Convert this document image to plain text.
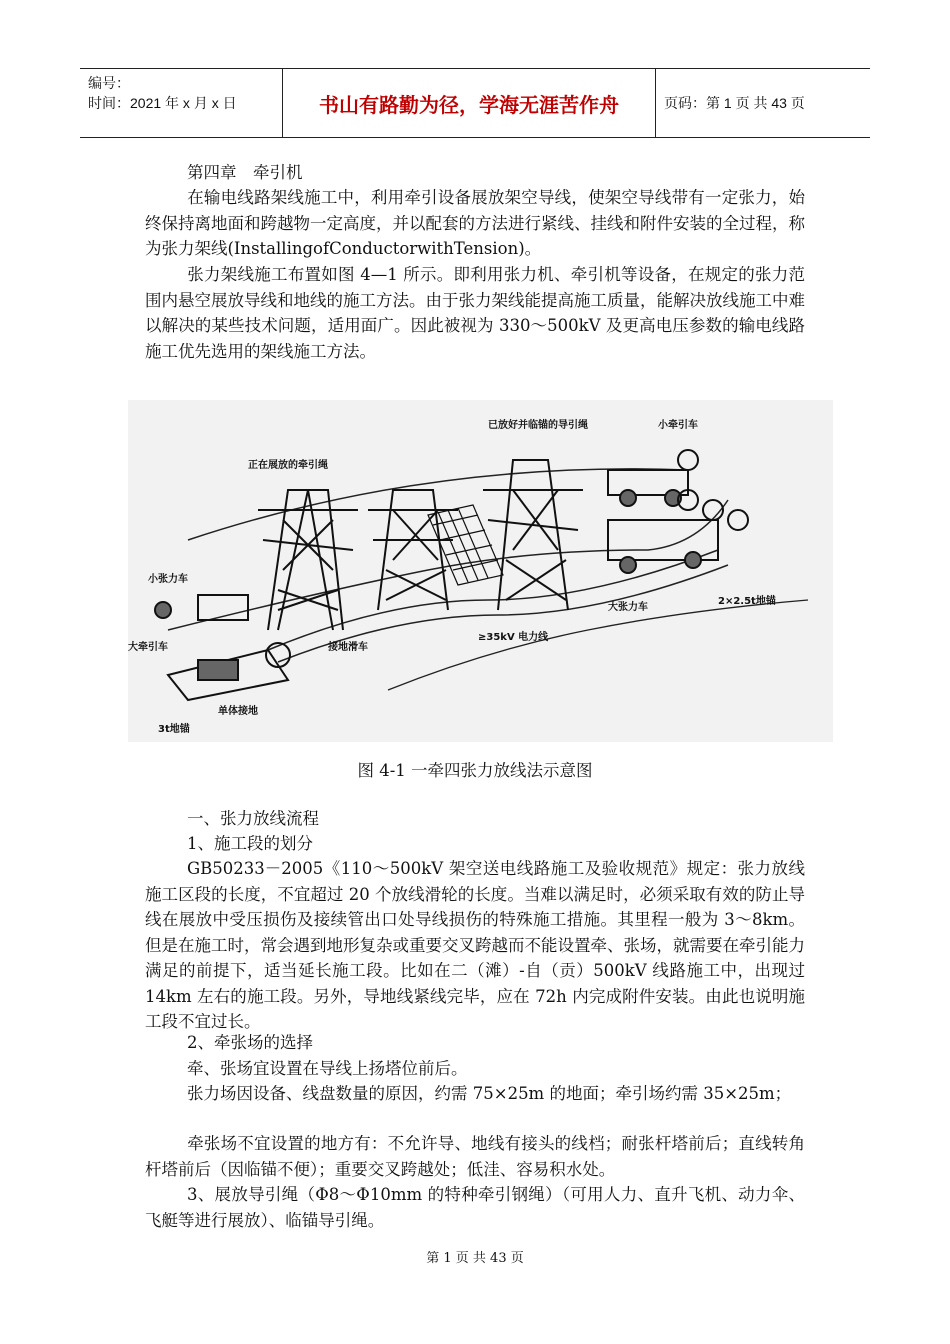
编号：
时间：2021 年 x 月 x 日	书山有路勤为径，学海无涯苦作舟	页码：第 1 页 共 43 页
第四章　牵引机
在输电线路架线施工中，利用牵引设备展放架空导线，使架空导线带有一定张力，始终保持离地面和跨越物一定高度，并以配套的方法进行紧线、挂线和附件安装的全过程，称为张力架线(InstallingofConductorwithTension)。
张力架线施工布置如图 4—1 所示。即利用张力机、牵引机等设备，在规定的张力范围内悬空展放导线和地线的施工方法。由于张力架线能提高施工质量，能解决放线施工中难以解决的某些技术问题，适用面广。因此被视为 330～500kV 及更高电压参数的输电线路施工优先选用的架线施工方法。
已放好并临锚的导引绳	小牵引车
正在展放的牵引绳
小张力车
大牵引车	接地滑车
≥35kV 电力线
大张力车
2×2.5t地锚
单体接地
3t地锚
图 4-1 一牵四张力放线法示意图
一、张力放线流程
1、施工段的划分
GB50233－2005《110～500kV 架空送电线路施工及验收规范》规定：张力放线施工区段的长度，不宜超过 20 个放线滑轮的长度。当难以满足时，必须采取有效的防止导线在展放中受压损伤及接续管出口处导线损伤的特殊施工措施。其里程一般为 3～8km。但是在施工时，常会遇到地形复杂或重要交叉跨越而不能设置牵、张场，就需要在牵引能力满足的前提下，适当延长施工段。比如在二（滩）-自（贡）500kV 线路施工中，出现过 14km 左右的施工段。另外，导地线紧线完毕，应在 72h 内完成附件安装。由此也说明施工段不宜过长。
2、牵张场的选择
牵、张场宜设置在导线上扬塔位前后。
张力场因设备、线盘数量的原因，约需 75×25m 的地面；牵引场约需 35×25m；
牵张场不宜设置的地方有：不允许导、地线有接头的线档；耐张杆塔前后；直线转角杆塔前后（因临锚不便）；重要交叉跨越处；低洼、容易积水处。
3、展放导引绳（Φ8～Φ10mm 的特种牵引钢绳）（可用人力、直升飞机、动力伞、飞艇等进行展放）、临锚导引绳。
第 1 页 共 43 页
